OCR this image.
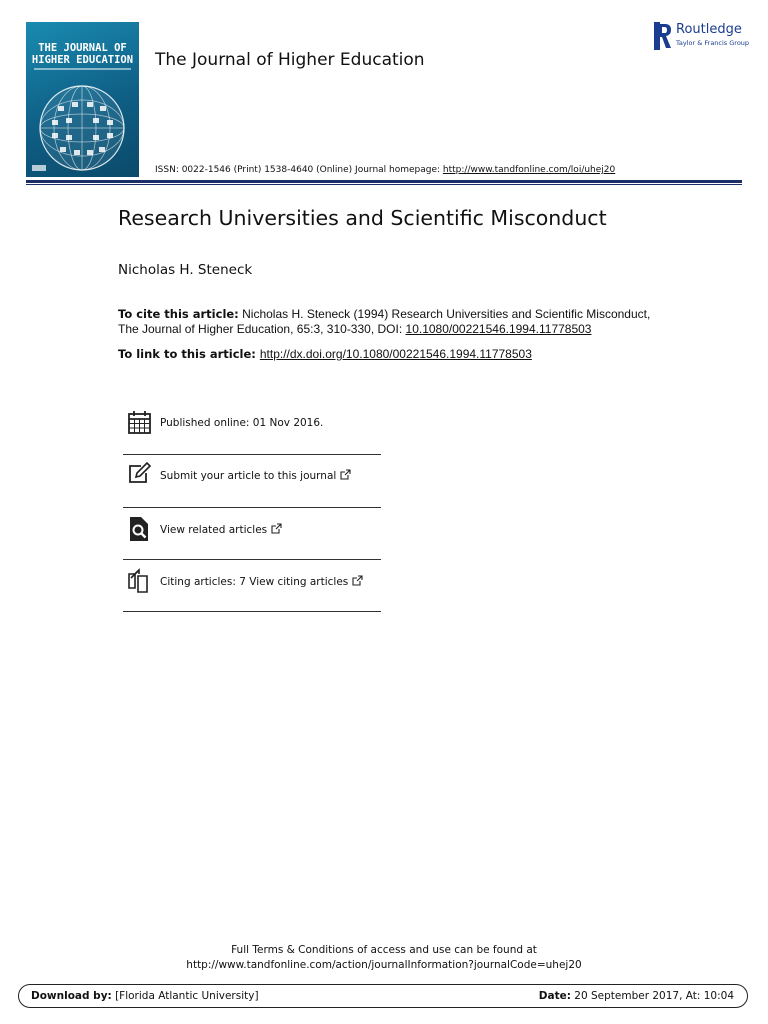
THE JOURNAL OF
HIGHER EDUCATION	The Journal of Higher Education
Routledge
Taylor & Francis Group
ISSN: 0022-1546 (Print) 1538-4640 (Online) Journal homepage: http://www.tandfonline.com/loi/uhej20
Research Universities and Scientific Misconduct
Nicholas H. Steneck
To cite this article: Nicholas H. Steneck (1994) Research Universities and Scientific Misconduct, The Journal of Higher Education, 65:3, 310-330, DOI: 10.1080/00221546.1994.11778503
To link to this article: http://dx.doi.org/10.1080/00221546.1994.11778503
Published online: 01 Nov 2016.
Submit your article to this journal
View related articles
Citing articles: 7 View citing articles
Full Terms & Conditions of access and use can be found at
http://www.tandfonline.com/action/journalInformation?journalCode=uhej20
Download by: [Florida Atlantic University]	Date: 20 September 2017, At: 10:04
